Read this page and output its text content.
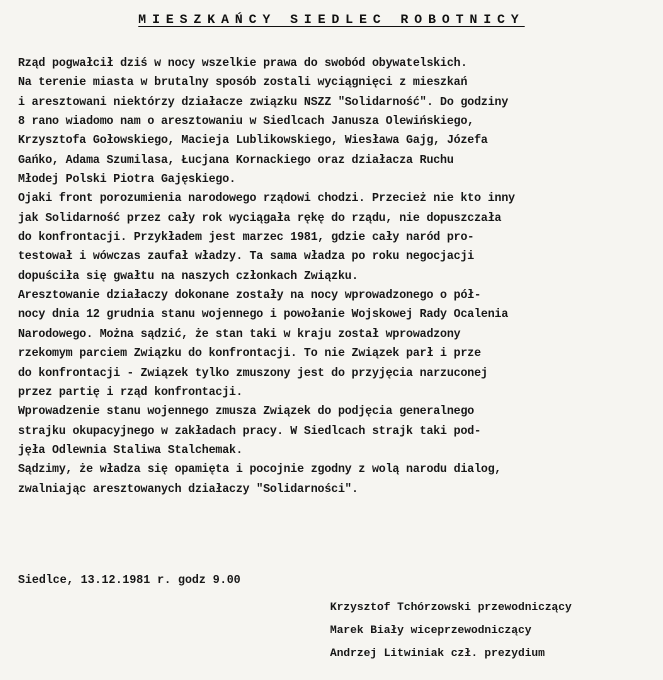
MIESZKAŃCY SIEDLEC ROBOTNICY
Rząd pogwałcił dziś w nocy wszelkie prawa do swobód obywatelskich.
Na terenie miasta w brutalny sposób zostali wyciągnięci z mieszkań
i aresztowani niektórzy działacze związku NSZZ "Solidarność". Do godziny
8 rano wiadomo nam o aresztowaniu w Siedlcach Janusza Olewińskiego,
Krzysztofa Gołowskiego, Macieja Lublikowskiego, Wiesława Gajg, Józefa
Gańko, Adama Szumilasa, Łucjana Kornackiego oraz działacza Ruchu
Młodej Polski Piotra Gajęskiego.
Ojaki front porozumienia narodowego rządowi chodzi. Przecież nie kto inny
jak Solidarność przez cały rok wyciągała rękę do rządu, nie dopuszczała
do konfrontacji. Przykładem jest marzec 1981, gdzie cały naród pro-
testował i wówczas zaufał władzy. Ta sama władza po roku negocjacji
dopuściła się gwałtu na naszych członkach Związku.
Aresztowanie działaczy dokonane zostały na nocy wprowadzonego o pół-
nocy dnia 12 grudnia stanu wojennego i powołanie Wojskowej Rady Ocalenia
Narodowego. Można sądzić, że stan taki w kraju został wprowadzony
rzekomym parciem Związku do konfrontacji. To nie Związek parł i prze
do konfrontacji - Związek tylko zmuszony jest do przyjęcia narzuconej
przez partię i rząd konfrontacji.
Wprowadzenie stanu wojennego zmusza Związek do podjęcia generalnego
strajku okupacyjnego w zakładach pracy. W Siedlcach strajk taki pod-
jęła Odlewnia Staliwa Stalchemak.
Sądzimy, że władza się opamięta i pocojnie zgodny z wolą narodu dialog,
zwalniając aresztowanych działaczy "Solidarności".
Siedlce, 13.12.1981 r. godz 9.00
Krzysztof Tchórzowski przewodniczący
Marek Biały wiceprzewodniczący
Andrzej Litwiniak czł. prezydium
